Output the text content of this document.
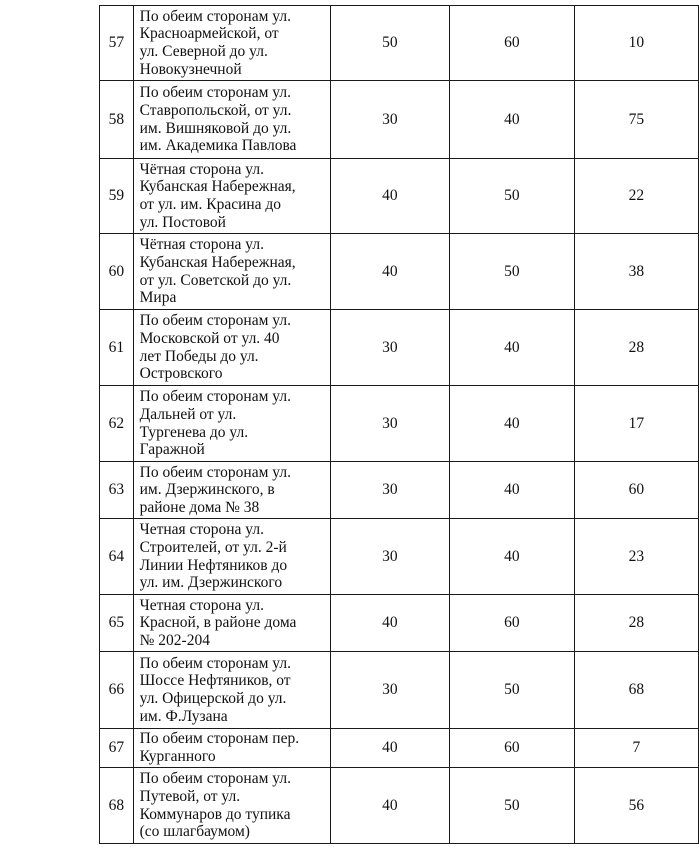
57	По обеим сторонам ул.
Красноармейской, от
ул. Северной до ул.
Новокузнечной	50	60	10
58	По обеим сторонам ул.
Ставропольской, от ул.
им. Вишняковой до ул.
им. Академика Павлова	30	40	75
59	Чётная сторона ул.
Кубанская Набережная,
от ул. им. Красина до
ул. Постовой	40	50	22
60	Чётная сторона ул.
Кубанская Набережная,
от ул. Советской до ул.
Мира	40	50	38
61	По обеим сторонам ул.
Московской от ул. 40
лет Победы до ул.
Островского	30	40	28
62	По обеим сторонам ул.
Дальней от ул.
Тургенева до ул.
Гаражной	30	40	17
63	По обеим сторонам ул.
им. Дзержинского, в
районе дома № 38	30	40	60
64	Четная сторона ул.
Строителей, от ул. 2-й
Линии Нефтяников до
ул. им. Дзержинского	30	40	23
65	Четная сторона ул.
Красной, в районе дома
№ 202-204	40	60	28
66	По обеим сторонам ул.
Шоссе Нефтяников, от
ул. Офицерской до ул.
им. Ф.Лузана	30	50	68
67	По обеим сторонам пер.
Курганного	40	60	7
68	По обеим сторонам ул.
Путевой, от ул.
Коммунаров до тупика
(со шлагбаумом)	40	50	56
